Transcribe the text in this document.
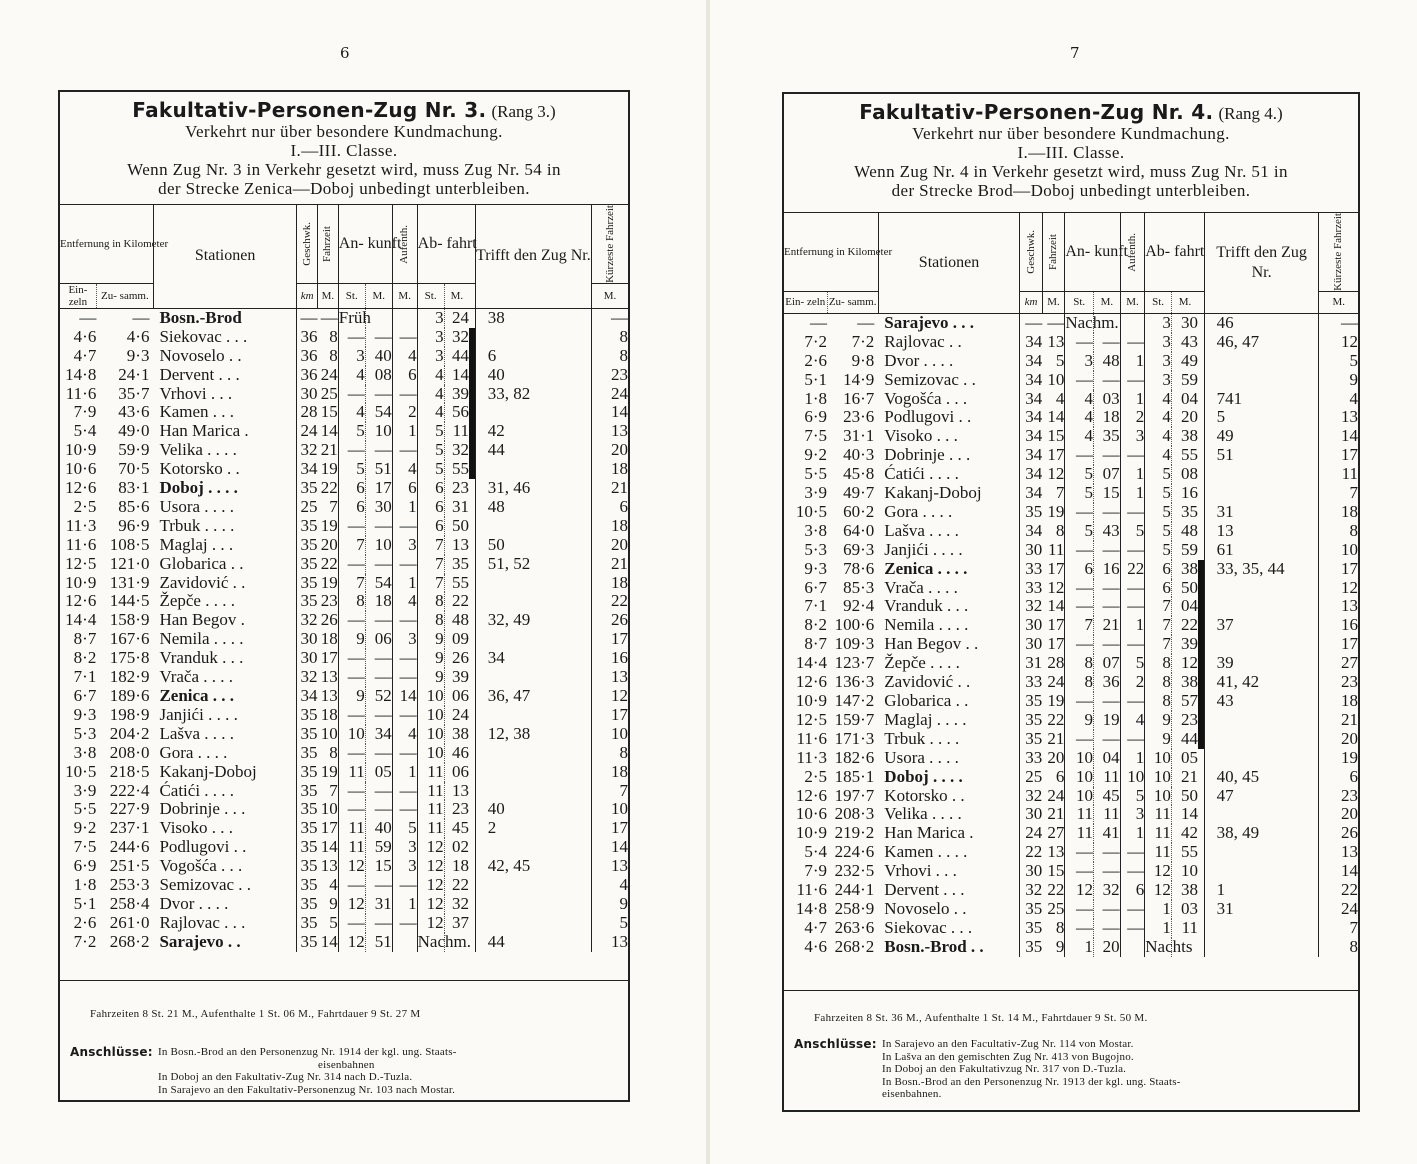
6
Fakultativ-Personen-Zug Nr. 3. (Rang 3.)
Verkehrt nur über besondere Kundmachung.
I.—III. Classe.
Wenn Zug Nr. 3 in Verkehr gesetzt wird, muss Zug Nr. 54 in
der Strecke Zenica—Doboj unbedingt unterbleiben.
Entfernung in Kilometer		Stationen	Geschwk.	Fahrzeit	An- kunft		Aufenth.	Ab- fahrt			Trifft den Zug Nr.	Kürzeste Fahrzeit

Ein- zeln	Zu- samm.		km	M.	St.	M.	M.	St.	M.			M.
—	—	Bosn.-Brod	—	—	Früh			3	24		38	—
4·6	4·6	Siekovac . . .	36	8	—	—	—	3	32			8
4·7	9·3	Novoselo . .	36	8	3	40	4	3	44		6	8
14·8	24·1	Dervent . . .	36	24	4	08	6	4	14		40	23
11·6	35·7	Vrhovi . . .	30	25	—	—	—	4	39		33, 82	24
7·9	43·6	Kamen . . .	28	15	4	54	2	4	56			14
5·4	49·0	Han Marica .	24	14	5	10	1	5	11		42	13
10·9	59·9	Velika . . . .	32	21	—	—	—	5	32		44	20
10·6	70·5	Kotorsko . .	34	19	5	51	4	5	55			18
12·6	83·1	Doboj . . . .	35	22	6	17	6	6	23		31, 46	21
2·5	85·6	Usora . . . .	25	7	6	30	1	6	31		48	6
11·3	96·9	Trbuk . . . .	35	19	—	—	—	6	50			18
11·6	108·5	Maglaj . . .	35	20	7	10	3	7	13		50	20
12·5	121·0	Globarica . .	35	22	—	—	—	7	35		51, 52	21
10·9	131·9	Zavidović . .	35	19	7	54	1	7	55			18
12·6	144·5	Žepče . . . .	35	23	8	18	4	8	22			22
14·4	158·9	Han Begov .	32	26	—	—	—	8	48		32, 49	26
8·7	167·6	Nemila . . . .	30	18	9	06	3	9	09			17
8·2	175·8	Vranduk . . .	30	17	—	—	—	9	26		34	16
7·1	182·9	Vrača . . . .	32	13	—	—	—	9	39			13
6·7	189·6	Zenica . . .	34	13	9	52	14	10	06		36, 47	12
9·3	198·9	Janjići . . . .	35	18	—	—	—	10	24			17
5·3	204·2	Lašva . . . .	35	10	10	34	4	10	38		12, 38	10
3·8	208·0	Gora . . . .	35	8	—	—	—	10	46			8
10·5	218·5	Kakanj-Doboj	35	19	11	05	1	11	06			18
3·9	222·4	Ćatići . . . .	35	7	—	—	—	11	13			7
5·5	227·9	Dobrinje . . .	35	10	—	—	—	11	23		40	10
9·2	237·1	Visoko . . .	35	17	11	40	5	11	45		2	17
7·5	244·6	Podlugovi . .	35	14	11	59	3	12	02			14
6·9	251·5	Vogošća . . .	35	13	12	15	3	12	18		42, 45	13
1·8	253·3	Semizovac . .	35	4	—	—	—	12	22			4
5·1	258·4	Dvor . . . .	35	9	12	31	1	12	32			9
2·6	261·0	Rajlovac . . .	35	5	—	—	—	12	37			5
7·2	268·2	Sarajevo . .	35	14	12	51		Nachm.			44	13
Fahrzeiten 8 St. 21 M., Aufenthalte 1 St. 06 M., Fahrtdauer 9 St. 27 M
Anschlüsse: In Bosn.-Brod an den Personenzug Nr. 1914 der kgl. ung. Staats-
eisenbahnen
In Doboj an den Fakultativ-Zug Nr. 314 nach D.-Tuzla.
In Sarajevo an den Fakultativ-Personenzug Nr. 103 nach Mostar.
7
Fakultativ-Personen-Zug Nr. 4. (Rang 4.)
Verkehrt nur über besondere Kundmachung.
I.—III. Classe.
Wenn Zug Nr. 4 in Verkehr gesetzt wird, muss Zug Nr. 51 in
der Strecke Brod—Doboj unbedingt unterbleiben.
Entfernung in Kilometer		Stationen	Geschwk.	Fahrzeit	An- kunft		Aufenth.	Ab- fahrt			Trifft den Zug Nr.	Kürzeste Fahrzeit

Ein- zeln	Zu- samm.		km	M.	St.	M.	M.	St.	M.			M.
—	—	Sarajevo . . .	—	—	Nachm.			3	30		46	—
7·2	7·2	Rajlovac . .	34	13	—	—	—	3	43		46, 47	12
2·6	9·8	Dvor . . . .	34	5	3	48	1	3	49			5
5·1	14·9	Semizovac . .	34	10	—	—	—	3	59			9
1·8	16·7	Vogošća . . .	34	4	4	03	1	4	04		741	4
6·9	23·6	Podlugovi . .	34	14	4	18	2	4	20		5	13
7·5	31·1	Visoko . . .	34	15	4	35	3	4	38		49	14
9·2	40·3	Dobrinje . . .	34	17	—	—	—	4	55		51	17
5·5	45·8	Ćatići . . . .	34	12	5	07	1	5	08			11
3·9	49·7	Kakanj-Doboj	34	7	5	15	1	5	16			7
10·5	60·2	Gora . . . .	35	19	—	—	—	5	35		31	18
3·8	64·0	Lašva . . . .	34	8	5	43	5	5	48		13	8
5·3	69·3	Janjići . . . .	30	11	—	—	—	5	59		61	10
9·3	78·6	Zenica . . . .	33	17	6	16	22	6	38		33, 35, 44	17
6·7	85·3	Vrača . . . .	33	12	—	—	—	6	50			12
7·1	92·4	Vranduk . . .	32	14	—	—	—	7	04			13
8·2	100·6	Nemila . . . .	30	17	7	21	1	7	22		37	16
8·7	109·3	Han Begov . .	30	17	—	—	—	7	39			17
14·4	123·7	Žepče . . . .	31	28	8	07	5	8	12		39	27
12·6	136·3	Zavidović . .	33	24	8	36	2	8	38		41, 42	23
10·9	147·2	Globarica . .	35	19	—	—	—	8	57		43	18
12·5	159·7	Maglaj . . . .	35	22	9	19	4	9	23			21
11·6	171·3	Trbuk . . . .	35	21	—	—	—	9	44			20
11·3	182·6	Usora . . . .	33	20	10	04	1	10	05			19
2·5	185·1	Doboj . . . .	25	6	10	11	10	10	21		40, 45	6
12·6	197·7	Kotorsko . .	32	24	10	45	5	10	50		47	23
10·6	208·3	Velika . . . .	30	21	11	11	3	11	14			20
10·9	219·2	Han Marica .	24	27	11	41	1	11	42		38, 49	26
5·4	224·6	Kamen . . . .	22	13	—	—	—	11	55			13
7·9	232·5	Vrhovi . . .	30	15	—	—	—	12	10			14
11·6	244·1	Dervent . . .	32	22	12	32	6	12	38		1	22
14·8	258·9	Novoselo . .	35	25	—	—	—	1	03		31	24
4·7	263·6	Siekovac . . .	35	8	—	—	—	1	11			7
4·6	268·2	Bosn.-Brod . .	35	9	1	20		Nachts				8
Fahrzeiten 8 St. 36 M., Aufenthalte 1 St. 14 M., Fahrtdauer 9 St. 50 M.
Anschlüsse: In Sarajevo an den Facultativ-Zug Nr. 114 von Mostar.
In Lašva an den gemischten Zug Nr. 413 von Bugojno.
In Doboj an den Fakultativzug Nr. 317 von D.-Tuzla.
In Bosn.-Brod an den Personenzug Nr. 1913 der kgl. ung. Staats-
eisenbahnen.
